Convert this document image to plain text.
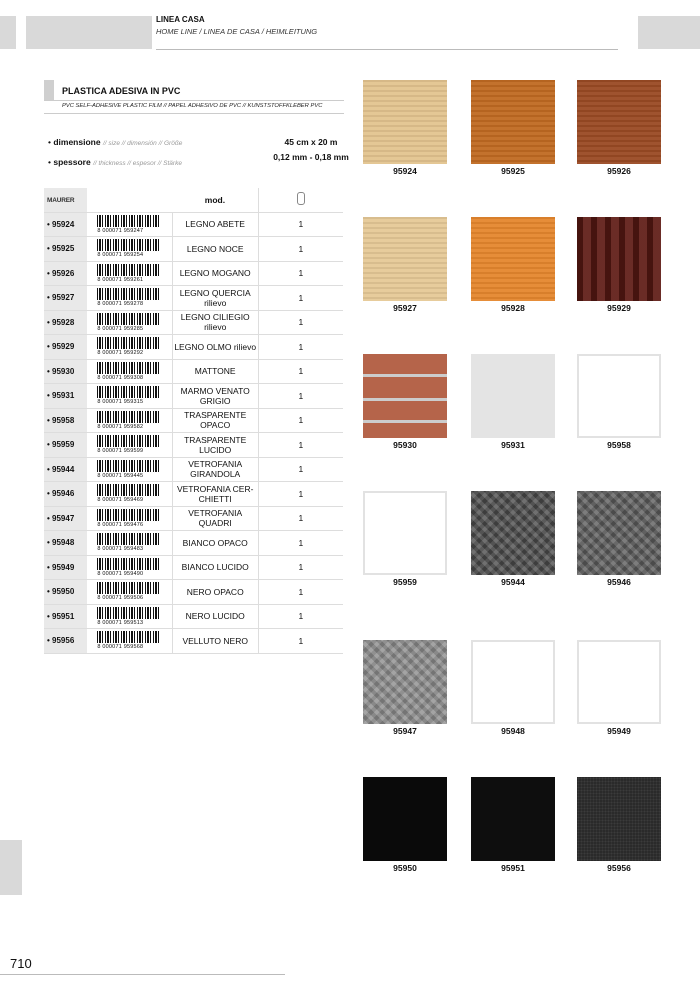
LINEA CASA
HOME LINE / LINEA DE CASA / HEIMLEITUNG
PLASTICA ADESIVA IN PVC
PVC SELF-ADHESIVE PLASTIC FILM // PAPEL ADHESIVO DE PVC // KUNSTSTOFFKLEBER PVC
• dimensione // size // dimensión // Größe	45 cm x 20 m
• spessore // thickness // espesor // Stärke
0,12 mm - 0,18 mm
MAURER		mod.	
• 95924	8 000071 959247	LEGNO ABETE	1
• 95925	8 000071 959254	LEGNO NOCE	1
• 95926	8 000071 959261	LEGNO MOGANO	1
• 95927	8 000071 959278	LEGNO QUERCIA rilievo	1
• 95928	8 000071 959285	LEGNO CILIEGIO rilievo	1
• 95929	8 000071 959292	LEGNO OLMO rilievo	1
• 95930	8 000071 959308	MATTONE	1
• 95931	8 000071 959315	MARMO VENATO GRIGIO	1
• 95958	8 000071 959582	TRASPARENTE OPACO	1
• 95959	8 000071 959599	TRASPARENTE LUCIDO	1
• 95944	8 000071 959445	VETROFANIA GIRANDOLA	1
• 95946	8 000071 959469	VETROFANIA CER-CHIETTI	1
• 95947	8 000071 959476	VETROFANIA QUADRI	1
• 95948	8 000071 959483	BIANCO OPACO	1
• 95949	8 000071 959490	BIANCO LUCIDO	1
• 95950	8 000071 959506	NERO OPACO	1
• 95951	8 000071 959513	NERO LUCIDO	1
• 95956	8 000071 959568	VELLUTO NERO	1
95924	95925	95926
95927	95928	95929
95930	95931	95958
95959	95944	95946
95947	95948	95949
95950	95951	95956
710
